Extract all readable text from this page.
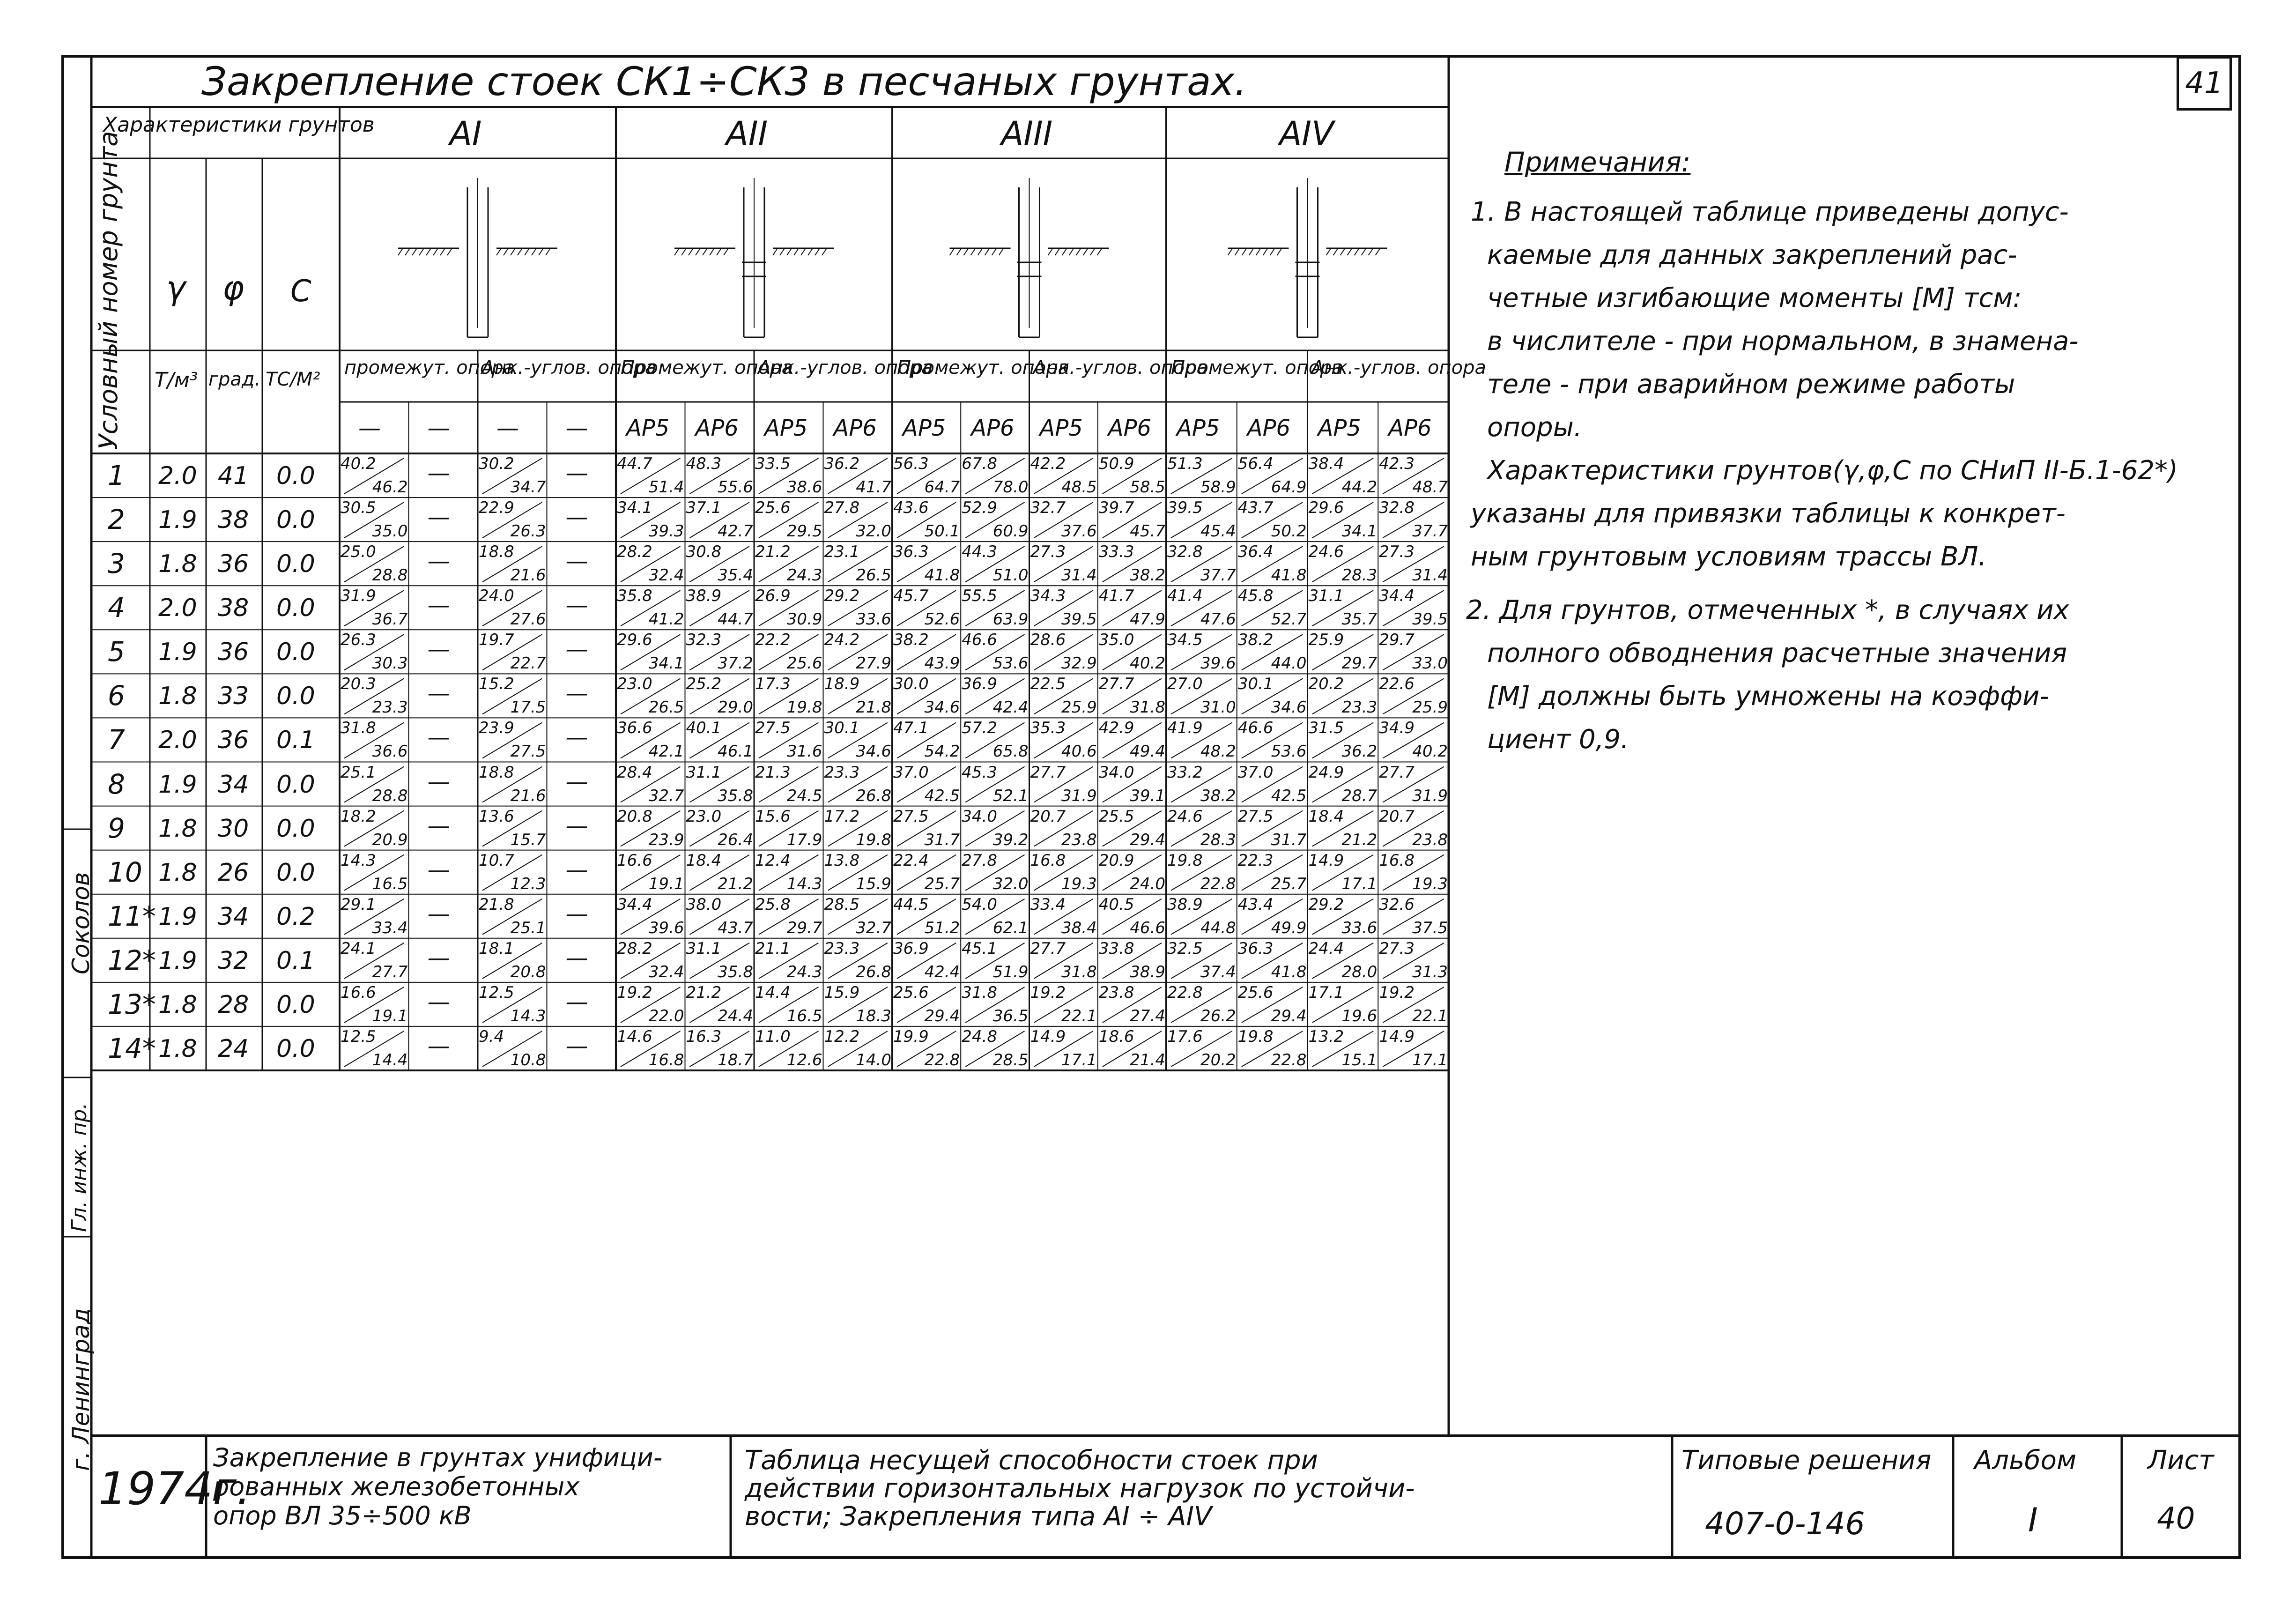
41
Закрепление стоек СК1÷СК3 в песчаных грунтах.
Характеристики грунтов
Условный номер грунта γ φ С
Т/м³ град. ТС/М²
АI
промежут. опора
Анк.-углов. опора
— — — —
АII
Промежут. опора
Анк.-углов. опора
АР5 АР6 АР5 АР6
АIII
Промежут. опора
Анк.-углов. опора
АР5 АР6 АР5 АР6
АIV
Промежут. опора
Анк.-углов. опора
АР5 АР6 АР5 АР6
1 2.0 41 0.0 40.2
46.2
— 30.2
34.7
— 44.7
51.4
48.3
55.6
33.5
38.6
36.2
41.7
56.3
64.7
67.8
78.0
42.2
48.5
50.9
58.5
51.3
58.9
56.4
64.9
38.4
44.2
42.3
48.7
2 1.9 38 0.0 30.5
35.0
— 22.9
26.3
— 34.1
39.3
37.1
42.7
25.6
29.5
27.8
32.0
43.6
50.1
52.9
60.9
32.7
37.6
39.7
45.7
39.5
45.4
43.7
50.2
29.6
34.1
32.8
37.7
3 1.8 36 0.0 25.0
28.8
— 18.8
21.6
— 28.2
32.4
30.8
35.4
21.2
24.3
23.1
26.5
36.3
41.8
44.3
51.0
27.3
31.4
33.3
38.2
32.8
37.7
36.4
41.8
24.6
28.3
27.3
31.4
4 2.0 38 0.0 31.9
36.7
— 24.0
27.6
— 35.8
41.2
38.9
44.7
26.9
30.9
29.2
33.6
45.7
52.6
55.5
63.9
34.3
39.5
41.7
47.9
41.4
47.6
45.8
52.7
31.1
35.7
34.4
39.5
5 1.9 36 0.0 26.3
30.3
— 19.7
22.7
— 29.6
34.1
32.3
37.2
22.2
25.6
24.2
27.9
38.2
43.9
46.6
53.6
28.6
32.9
35.0
40.2
34.5
39.6
38.2
44.0
25.9
29.7
29.7
33.0
6 1.8 33 0.0 20.3
23.3
— 15.2
17.5
— 23.0
26.5
25.2
29.0
17.3
19.8
18.9
21.8
30.0
34.6
36.9
42.4
22.5
25.9
27.7
31.8
27.0
31.0
30.1
34.6
20.2
23.3
22.6
25.9
7 2.0 36 0.1 31.8
36.6
— 23.9
27.5
— 36.6
42.1
40.1
46.1
27.5
31.6
30.1
34.6
47.1
54.2
57.2
65.8
35.3
40.6
42.9
49.4
41.9
48.2
46.6
53.6
31.5
36.2
34.9
40.2
8 1.9 34 0.0 25.1
28.8
— 18.8
21.6
— 28.4
32.7
31.1
35.8
21.3
24.5
23.3
26.8
37.0
42.5
45.3
52.1
27.7
31.9
34.0
39.1
33.2
38.2
37.0
42.5
24.9
28.7
27.7
31.9
9 1.8 30 0.0 18.2
20.9
— 13.6
15.7
— 20.8
23.9
23.0
26.4
15.6
17.9
17.2
19.8
27.5
31.7
34.0
39.2
20.7
23.8
25.5
29.4
24.6
28.3
27.5
31.7
18.4
21.2
20.7
23.8
10 1.8 26 0.0 14.3
16.5
— 10.7
12.3
— 16.6
19.1
18.4
21.2
12.4
14.3
13.8
15.9
22.4
25.7
27.8
32.0
16.8
19.3
20.9
24.0
19.8
22.8
22.3
25.7
14.9
17.1
16.8
19.3
11* 1.9 34 0.2 29.1
33.4
— 21.8
25.1
— 34.4
39.6
38.0
43.7
25.8
29.7
28.5
32.7
44.5
51.2
54.0
62.1
33.4
38.4
40.5
46.6
38.9
44.8
43.4
49.9
29.2
33.6
32.6
37.5
12* 1.9 32 0.1 24.1
27.7
— 18.1
20.8
— 28.2
32.4
31.1
35.8
21.1
24.3
23.3
26.8
36.9
42.4
45.1
51.9
27.7
31.8
33.8
38.9
32.5
37.4
36.3
41.8
24.4
28.0
27.3
31.3
13* 1.8 28 0.0 16.6
19.1
— 12.5
14.3
— 19.2
22.0
21.2
24.4
14.4
16.5
15.9
18.3
25.6
29.4
31.8
36.5
19.2
22.1
23.8
27.4
22.8
26.2
25.6
29.4
17.1
19.6
19.2
22.1
14* 1.8 24 0.0 12.5
14.4
— 9.4
10.8
— 14.6
16.8
16.3
18.7
11.0
12.6
12.2
14.0
19.9
22.8
24.8
28.5
14.9
17.1
18.6
21.4
17.6
20.2
19.8
22.8
13.2
15.1
14.9
17.1
Примечания:
1. В настоящей таблице приведены допус-
каемые для данных закреплений рас-
четные изгибающие моменты [М] тсм:
в числителе - при нормальном, в знамена-
теле - при аварийном режиме работы
опоры.
Характеристики грунтов(γ,φ,С по СНиП II-Б.1-62*)
указаны для привязки таблицы к конкрет-
ным грунтовым условиям трассы ВЛ.
2. Для грунтов, отмеченных *, в случаях их
полного обводнения расчетные значения
[М] должны быть умножены на коэффи-
циент 0,9.
г. Ленинград
Гл. инж. пр.
Соколов
1974г.
Закрепление в грунтах унифици-
рованных железобетонных
опор ВЛ 35÷500 кВ
Таблица несущей способности стоек при
действии горизонтальных нагрузок по устойчи-
вости; Закрепления типа АI ÷ АIV
Типовые решения
407-0-146
Альбом
I
Лист
40
